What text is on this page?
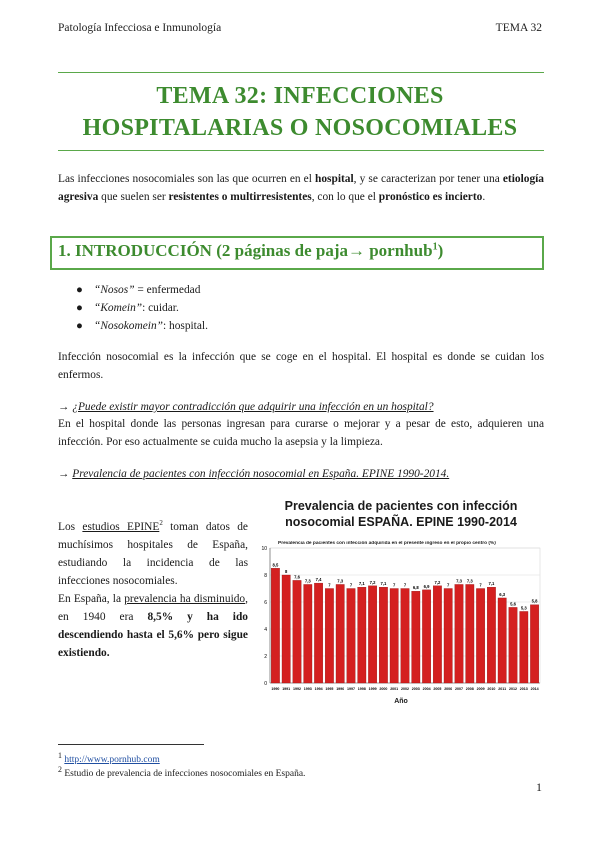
Patología Infecciosa e Inmunología	TEMA 32
TEMA 32: INFECCIONES
HOSPITALARIAS O NOSOCOMIALES
Las infecciones nosocomiales son las que ocurren en el hospital, y se caracterizan por tener una etiología agresiva que suelen ser resistentes o multirresistentes, con lo que el pronóstico es incierto.
1. INTRODUCCIÓN (2 páginas de paja→ pornhub$^1$)
● “Nosos” = enfermedad
● “Komein”: cuidar.
● “Nosokomein”: hospital.
Infección nosocomial es la infección que se coge en el hospital. El hospital es donde se cuidan los enfermos.
→ ¿Puede existir mayor contradicción que adquirir una infección en un hospital?
En el hospital donde las personas ingresan para curarse o mejorar y a pesar de esto, adquieren una infección. Por eso actualmente se cuida mucho la asepsia y la limpieza.
→ Prevalencia de pacientes con infección nosocomial en España. EPINE 1990-2014.
Los estudios EPINE$^2$ toman datos de muchísimos hospitales de España, estudiando la incidencia de las infecciones nosocomiales.
En España, la prevalencia ha disminuido, en 1940 era 8,5% y ha ido descendiendo hasta el 5,6% pero sigue existiendo.
Prevalencia de pacientes con infección nosocomial ESPAÑA. EPINE 1990-2014
Prevalencia de pacientes con infección adquirida en el presente ingreso en el propio centro (%)
0
2
4
6
8
10
8,5
1990
8
1991
7,6
1992
7,3
1993
7,4
1994
7
1995
7,3
1996
7
1997
7,1
1998
7,2
1999
7,1
2000
7
2001
7
2002
6,8
2003
6,9
2004
7,2
2005
7
2006
7,3
2007
7,3
2008
7
2009
7,1
2010
6,3
2011
5,6
2012
5,3
2013
5,8
2014
Año
$^1$ http://www.pornhub.com
$^2$ Estudio de prevalencia de infecciones nosocomiales en España.
1
